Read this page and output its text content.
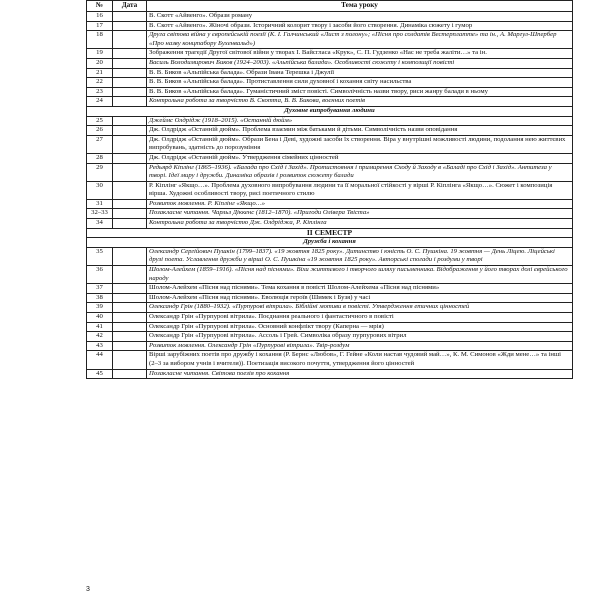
№	Дата	Тема уроку
16		В. Скотт «Айвенго». Образи роману
17		В. Скотт «Айвенго». Жіночі образи. Історичний колорит твору і засоби його створення. Динаміка сюжету і гумор
18		Друга світова війна у європейській поезії (К. І. Галчинський «Лист з полону»; «Пісня про солдатів Вестерплатте» та ін., А. Маргул-Шпербер «Про назву концтабору Бухенвальд»)
19		Зображення трагедії Другої світової війни у творах І. Вайсгласа «Крук», С. П. Гудзенко «Нас не треба жаліти…» та ін.
20		Василь Володимирович Биков (1924–2003). «Альпійська балада». Особливості сюжету і композиції повісті
21		В. В. Биков «Альпійська балада». Образи Івана Терешка і Джулії
22		В. В. Биков «Альпійська балада». Протиставлення сили духовної і кохання світу насильства
23		В. В. Биков «Альпійська балада». Гуманістичний зміст повісті. Символічність назви твору, риси жанру балади в ньому
24		Контрольна робота за творчістю В. Скотта, В. В. Бикова, воєнних поетів
Духовне випробування людини		
25		Джеймс Олдрідж (1918–2015). «Останній дюйм»
26		Дж. Олдрідж «Останній дюйм». Проблема взаємин між батьками й дітьми. Символічність назви оповідання
27		Дж. Олдрідж «Останній дюйм». Образи Бена і Деві, художні засоби їх створення. Віра у внутрішні можливості людини, подолання нею життєвих випробувань, здатність до порозуміння
28		Дж. Олдрідж «Останній дюйм». Утвердження сімейних цінностей
29		Редьярд Кіплінг (1865–1936). «Балада про Схід і Захід». Протистояння і примирення Сходу й Заходу в «Баладі про Схід і Захід». Антитеза у творі. Ідеї миру і дружби. Динаміка образів і розвиток сюжету балади
30		Р. Кіплінг «Якщо…». Проблема духовного випробування людини та її моральної стійкості у вірші Р. Кіплінга «Якщо…». Сюжет і композиція вірша. Художні особливості твору, рисі поетичного стилю
31		Розвиток мовлення. Р. Кіплінг «Якщо…»
32–33		Позакласне читання. Чарльз Діккенс (1812–1870). «Пригоди Олівера Твіста»
34		Контрольна робота за творчістю Дж. Олдріджа, Р. Кіплінга
ІІ СЕМЕСТР		
Дружба і кохання		
35		Олександр Сергійович Пушкін (1799–1837). «19 жовтня 1825 року». Дитинство і юність О. С. Пушкіна. 19 жовтня — День Ліцею. Ліцейські друзі поета. Уславлення дружби у вірші О. С. Пушкіна «19 жовтня 1825 року». Авторські спогади і роздуми у творі
36		Шолом-Алейхем (1859–1916). «Пісня над піснями». Віхи життєвого і творчого шляху письменника. Відображення у його творах долі єврейського народу
37		Шолом-Алейхем «Пісня над піснями». Тема кохання в повісті Шолом-Алейхема «Пісня над піснями»
38		Шолом-Алейхем «Пісня над піснями». Еволюція героїв (Шимек і Бузя) у часі
39		Олександр Грін (1880–1932). «Пурпурові вітрила». Біблійні мотиви в повісті. Утвердження етичних цінностей
40		Олександр Грін «Пурпурові вітрила». Поєднання реального і фантастичного в повісті
41		Олександр Грін «Пурпурові вітрила». Основний конфлікт твору (Каперна — мрія)
42		Олександр Грін «Пурпурові вітрила». Ассоль і Грей. Символіка образу пурпурових вітрил
43		Розвиток мовлення. Олександр Грін «Пурпурові вітрила». Твір-роздум
44		Вірші зарубіжних поетів про дружбу і кохання (Р. Бернс «Любов», Г. Гейне «Коли настав чудовий май…», К. М. Симонов «Жди мене…» та інші (2–3 за вибором учнів і вчителя)). Поетизація високого почуття, утвердження його цінностей
45		Позакласне читання. Світова поезія про кохання
3
